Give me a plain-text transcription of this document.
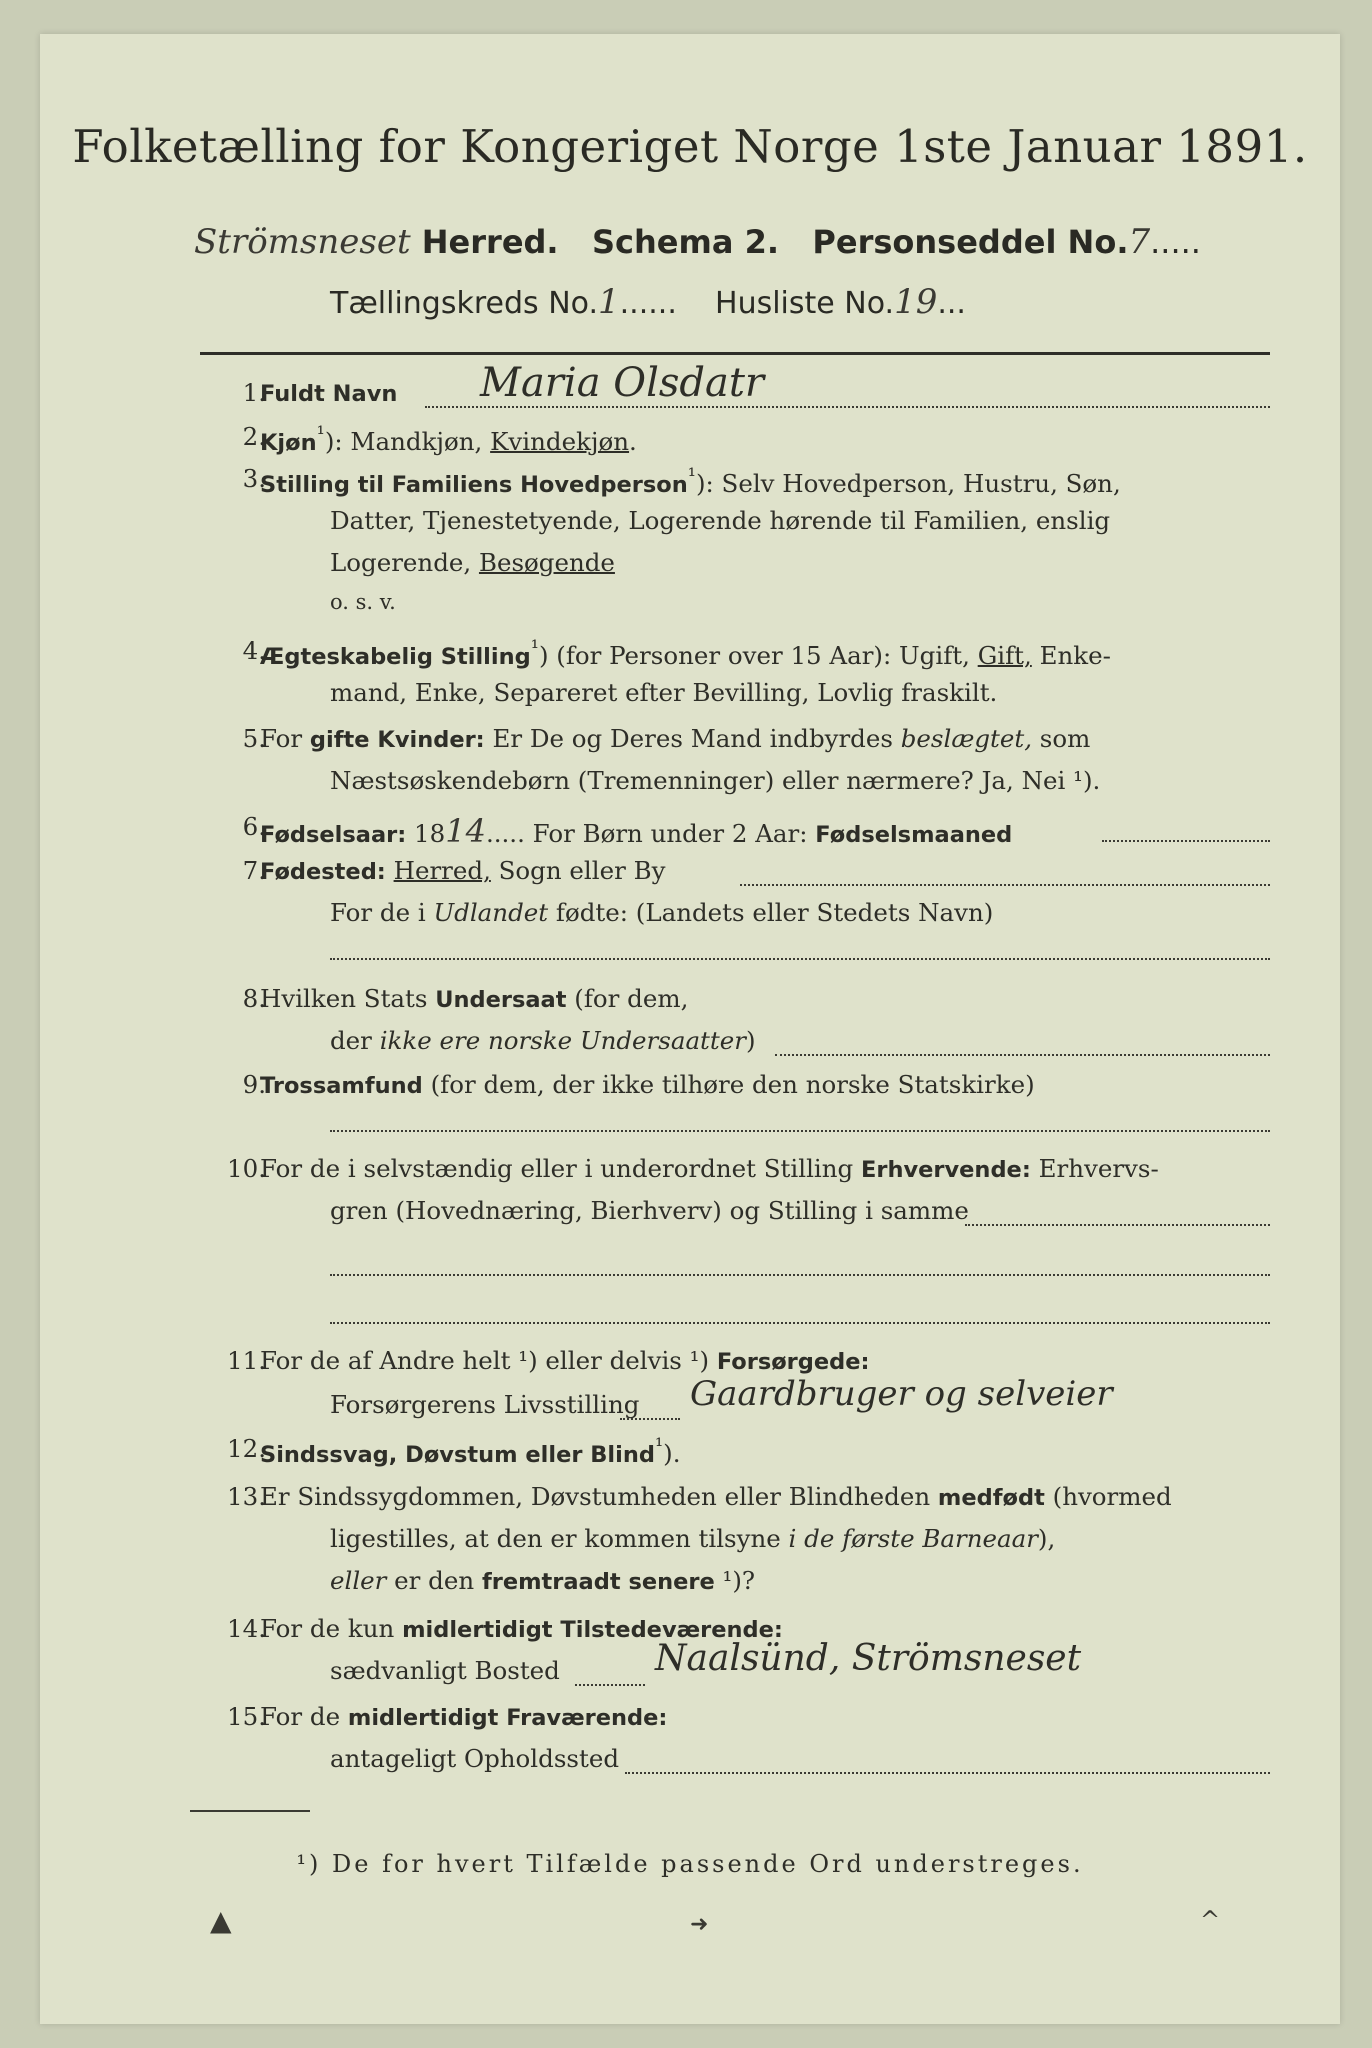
Folketælling for Kongeriget Norge 1ste Januar 1891.
Strömsneset Herred. Schema 2. Personseddel No.7.....
Tællingskreds No.1......    Husliste No.19...
1.
Fuldt Navn Maria Olsdatr
2.
Kjøn$^{^1}$): Mandkjøn, Kvindekjøn.
3.
Stilling til Familiens Hovedperson$^{^1}$): Selv Hovedperson, Hustru, Søn,
Datter, Tjenestetyende, Logerende hørende til Familien, enslig
Logerende, Besøgende
o. s. v.
4.
Ægteskabelig Stilling$^{^1}$) (for Personer over 15 Aar): Ugift, Gift, Enke-
mand, Enke, Separeret efter Bevilling, Lovlig fraskilt.
5.
For gifte Kvinder: Er De og Deres Mand indbyrdes beslægtet, som
Næstsøskendebørn (Tremenninger) eller nærmere? Ja, Nei ¹).
6.
Fødselsaar: 1814..... For Børn under 2 Aar: Fødselsmaaned
7.
Fødested: Herred, Sogn eller By
For de i Udlandet fødte: (Landets eller Stedets Navn)
8.
Hvilken Stats Undersaat (for dem,
der ikke ere norske Undersaatter)
9.
Trossamfund (for dem, der ikke tilhøre den norske Statskirke)
10.
For de i selvstændig eller i underordnet Stilling Erhvervende: Erhvervs-
gren (Hovednæring, Bierhverv) og Stilling i samme
11.
For de af Andre helt ¹) eller delvis ¹) Forsørgede:
Forsørgerens Livsstilling Gaardbruger og selveier
12.
Sindssvag, Døvstum eller Blind$^{^1}$).
13.
Er Sindssygdommen, Døvstumheden eller Blindheden medfødt (hvormed
ligestilles, at den er kommen tilsyne i de første Barneaar),
eller er den fremtraadt senere ¹)?
14.
For de kun midlertidigt Tilstedeværende:
sædvanligt Bosted	Naalsünd, Strömsneset
15.
For de midlertidigt Fraværende:
antageligt Opholdssted
¹) De for hvert Tilfælde passende Ord understreges.
▲	➜	^
